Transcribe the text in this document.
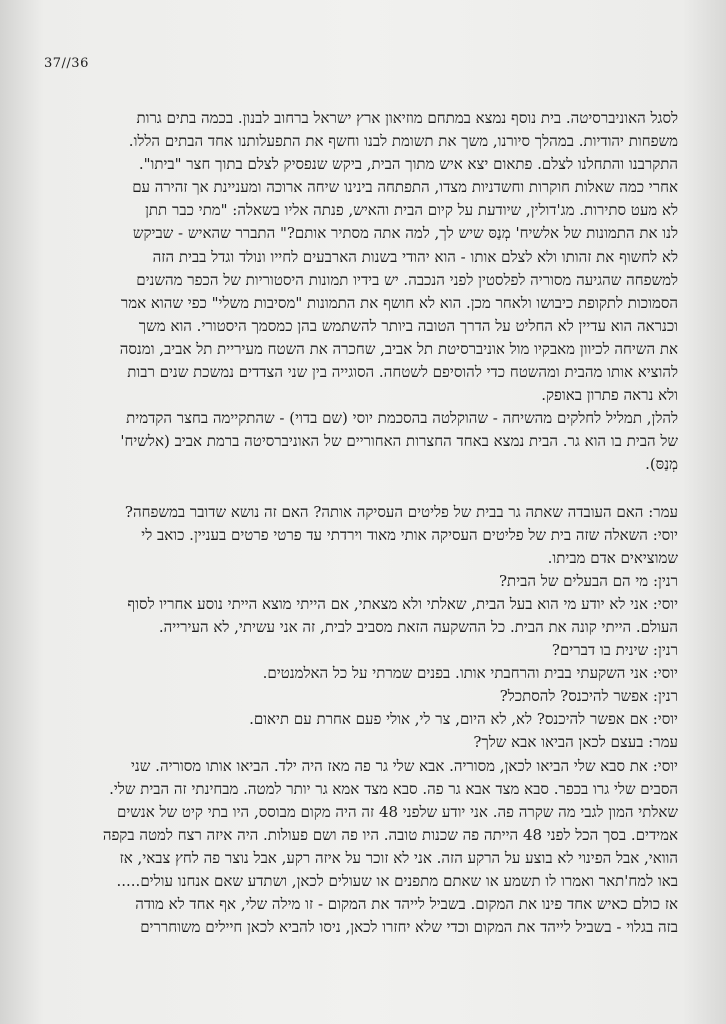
37//36
לסגל האוניברסיטה. בית נוסף נמצא במתחם מוזיאון ארץ ישראל ברחוב לבנון. בכמה בתים גרות
משפחות יהודיות. במהלך סיורנו, משך את תשומת לבנו וחשף את התפעלותנו אחד הבתים הללו.
התקרבנו והתחלנו לצלם. פתאום יצא איש מתוך הבית, ביקש שנפסיק לצלם בתוך חצר "ביתו".
אחרי כמה שאלות חוקרות וחשדניות מצדו, התפתחה בינינו שיחה ארוכה ומעניינת אך זהירה עם
לא מעט סתירות. מג'דולין, שיודעת על קיום הבית והאיש, פנתה אליו בשאלה: "מתי כבר תתן
לנו את התמונות של אלשיח' מְנַסּ שיש לך, למה אתה מסתיר אותם?" התברר שהאיש - שביקש
לא לחשוף את זהותו ולא לצלם אותו - הוא יהודי בשנות הארבעים לחייו ונולד וגדל בבית הזה
למשפחה שהגיעה מסוריה לפלסטין לפני הנכבה. יש בידיו תמונות היסטוריות של הכפר מהשנים
הסמוכות לתקופת כיבושו ולאחר מכן. הוא לא חושף את התמונות "מסיבות משלי" כפי שהוא אמר
וכנראה הוא עדיין לא החליט על הדרך הטובה ביותר להשתמש בהן כמסמך היסטורי. הוא משך
את השיחה לכיוון מאבקיו מול אוניברסיטת תל אביב, שחכרה את השטח מעיריית תל אביב, ומנסה
להוציא אותו מהבית ומהשטח כדי להוסיפם לשטחה. הסוגייה בין שני הצדדים נמשכת שנים רבות
ולא נראה פתרון באופק.
להלן, תמליל לחלקים מהשיחה - שהוקלטה בהסכמת יוסי (שם בדוי) - שהתקיימה בחצר הקדמית
של הבית בו הוא גר. הבית נמצא באחד החצרות האחוריים של האוניברסיטה ברמת אביב (אלשיח'
מְנַסּ).
עמר: האם העובדה שאתה גר בבית של פליטים העסיקה אותה? האם זה נושא שדובר במשפחה?
יוסי: השאלה שזה בית של פליטים העסיקה אותי מאוד וירדתי עד פרטי פרטים בעניין. כואב לי
שמוציאים אדם מביתו.
רנין: מי הם הבעלים של הבית?
יוסי: אני לא יודע מי הוא בעל הבית, שאלתי ולא מצאתי, אם הייתי מוצא הייתי נוסע אחריו לסוף
העולם. הייתי קונה את הבית. כל ההשקעה הזאת מסביב לבית, זה אני עשיתי, לא העירייה.
רנין: שינית בו דברים?
יוסי: אני השקעתי בבית והרחבתי אותו. בפנים שמרתי על כל האלמנטים.
רנין: אפשר להיכנס? להסתכל?
יוסי: אם אפשר להיכנס? לא, לא היום, צר לי, אולי פעם אחרת עם תיאום.
עמר: בעצם לכאן הביאו אבא שלך?
יוסי: את סבא שלי הביאו לכאן, מסוריה. אבא שלי גר פה מאז היה ילד. הביאו אותו מסוריה. שני
הסבים שלי גרו בכפר. סבא מצד אבא גר פה. סבא מצד אמא גר יותר למטה. מבחינתי זה הבית שלי.
שאלתי המון לגבי מה שקרה פה. אני יודע שלפני 48 זה היה מקום מבוסס, היו בתי קיט של אנשים
אמידים. בסך הכל לפני 48 הייתה פה שכנות טובה. היו פה ושם פעולות. היה איזה רצח למטה בקפה
הוואי, אבל הפינוי לא בוצע על הרקע הזה. אני לא זוכר על איזה רקע, אבל נוצר פה לחץ צבאי, אז
באו למח'תאר ואמרו לו תשמע או שאתם מתפנים או שעולים לכאן, ושתדע שאם אנחנו עולים.....
אז כולם כאיש אחד פינו את המקום. בשביל לייהד את המקום - זו מילה שלי, אף אחד לא מודה
בזה בגלוי - בשביל לייהד את המקום וכדי שלא יחזרו לכאן, ניסו להביא לכאן חיילים משוחררים
